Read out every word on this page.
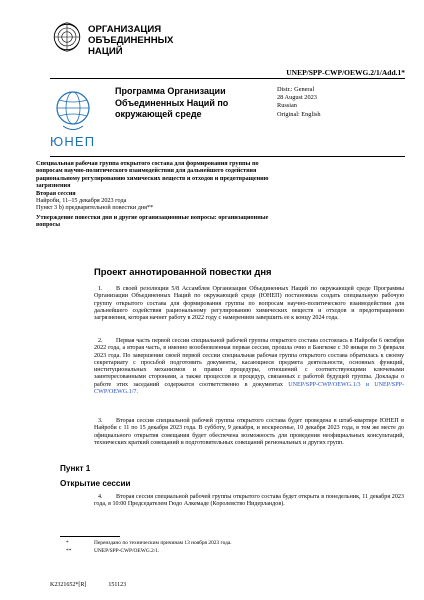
ОРГАНИЗАЦИЯ
ОБЪЕДИНЕННЫХ
НАЦИЙ
UNEP/SPP-CWP/OEWG.2/1/Add.1*
ЮНЕП
Программа Организации Объединенных Наций по окружающей среде
Distr.: General
28 August 2023
Russian
Original: English
Специальная рабочая группа открытого состава для формирования группы по вопросам научно-политического взаимодействия для дальнейшего содействия рациональному регулированию химических веществ и отходов и предотвращению загрязнения
Вторая сессия
Найроби, 11–15 декабря 2023 года
Пункт 3 b) предварительной повестки дня**
Утверждение повестки дня и другие организационные вопросы: организационные вопросы
Проект аннотированной повестки дня
1. В своей резолюции 5/8 Ассамблея Организации Объединенных Наций по окружающей среде Программы Организации Объединенных Наций по окружающей среде (ЮНЕП) постановила создать специальную рабочую группу открытого состава для формирования группы по вопросам научно-политического взаимодействия для дальнейшего содействия рациональному регулированию химических веществ и отходов и предотвращению загрязнения, которая начнет работу в 2022 году с намерением завершить ее к концу 2024 года.
2. Первая часть первой сессии специальной рабочей группы открытого состава состоялась в Найроби 6 октября 2022 года, а вторая часть, в именно возобновленная первая сессия, прошла очно в Бангкоке с 30 января по 3 февраля 2023 года. По завершении своей первой сессии специальная рабочая группа открытого состава обратилась к своему секретариату с просьбой подготовить документы, касающиеся предмета деятельности, основных функций, институциональных механизмов и правил процедуры, отношений с соответствующими ключевыми заинтересованными сторонами, а также процессов и процедур, связанных с работой будущей группы. Доклады о работе этих заседаний содержатся соответственно в документах UNEP/SPP-CWP/OEWG.1/3 и UNEP/SPP-CWP/OEWG.1/7.
3. Вторая сессия специальной рабочей группы открытого состава будет проведена в штаб-квартире ЮНЕП в Найроби с 11 по 15 декабря 2023 года. В субботу, 9 декабря, и воскресенье, 10 декабря 2023 года, в том же месте до официального открытия совещания будет обеспечена возможность для проведения неофициальных консультаций, технических краткий совещаний и подготовительных совещаний региональных и других групп.
Пункт 1
Открытие сессии
4. Вторая сессия специальной рабочей группы открытого состава будет открыта в понедельник, 11 декабря 2023 года, в 10:00 Председателем Гюдо Алкемаде (Королевство Нидерландов).
*	Переиздано по техническим причинам 13 ноября 2023 года.
**	UNEP/SPP-CWP/OEWG.2/1.
K2321652*[R]	151123
